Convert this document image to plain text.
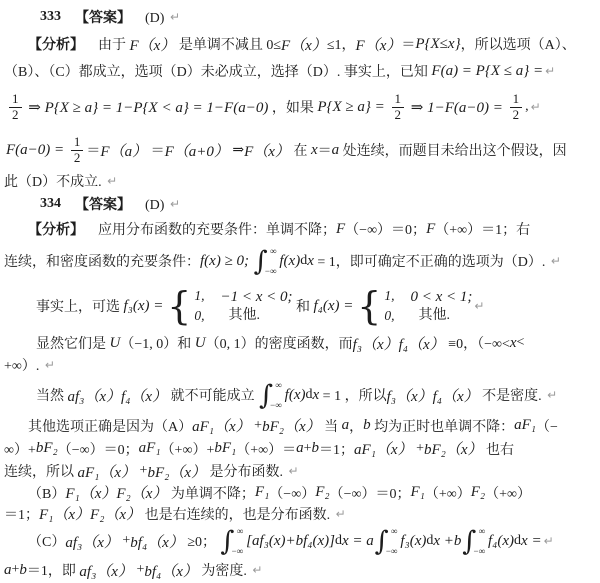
333
　 【答案】 　(D) ↵
【分析】 　由于 F（x） 是单调不减且 0≤ F（x） ≤1， F（x） ＝ P{X≤x} ，所以选项（A）、
（B）、（C）都成立，选项（D）未必成立，选择（D）. 事实上，已知 F(a) = P{X ≤ a} = ↵
$\frac{1}{2}$ ⇒ P{X ≥ a} = 1−P{X < a} = 1−F(a−0) ，如果 $P\{X \ge a\} = \frac{1}{2}$ ⇒ $1-F(a-0) = \frac{1}{2}$ , ↵
$F(a-0) = \frac{1}{2} = F(a) = F(a+0)$ ⇒ F（x） 在 x ＝ a 处连续，而题目未给出这个假设，因
此（D）不成立. ↵
334
　 【答案】 　(D) ↵
【分析】 　应用分布函数的充要条件：单调不降； F （−∞）＝0； F （+∞）＝1；右
连续，和密度函数的充要条件： f(x) ≥ 0; ∫ ∞
−∞
f(x) d x = 1，即可确定不正确的选项为（D）. ↵
事实上，可选 f₃(x) = { 1, −1 < x < 0;
0,	其他.
和 f₄(x) = { 1, 0 < x < 1;
0,	其他.
↵
显然它们是 U （−1, 0）和 U （0, 1）的密度函数，而 f₃（x）f₄（x） ≡0，（−∞< x <
+∞）. ↵
当然 af₃（x）f₄（x） 就不可能成立 ∫ ∞
−∞
f(x) d x = 1 ，所以 f₃（x）f₄（x） 不是密度. ↵
其他选项正确是因为（A） aF₁（x） + bF₂（x） 当 a ， b 均为正时也单调不降： aF₁ （−
∞）+ bF₂ （−∞）＝0； aF₁ （+∞）+ bF₁ （+∞）＝ a + b ＝1； aF₁（x） + bF₂（x） 也右
连续，所以 aF₁（x） + bF₂（x） 是分布函数. ↵
（B） F₁（x）F₂（x） 为单调不降； F₁ （−∞） F₂ （−∞）＝0； F₁ （+∞） F₂ （+∞）
＝1； F₁（x）F₂（x） 也是右连续的，也是分布函数. ↵
（C） af₃（x） + bf₄（x） ≥0； ∫ ∞
−∞
[af₃(x)+bf₄(x)] d x = a ∫ ∞
−∞
f₃(x) d x +b ∫ ∞
−∞
f₄(x) d x = ↵
a + b ＝1，即 af₃（x） + bf₄（x） 为密度. ↵
